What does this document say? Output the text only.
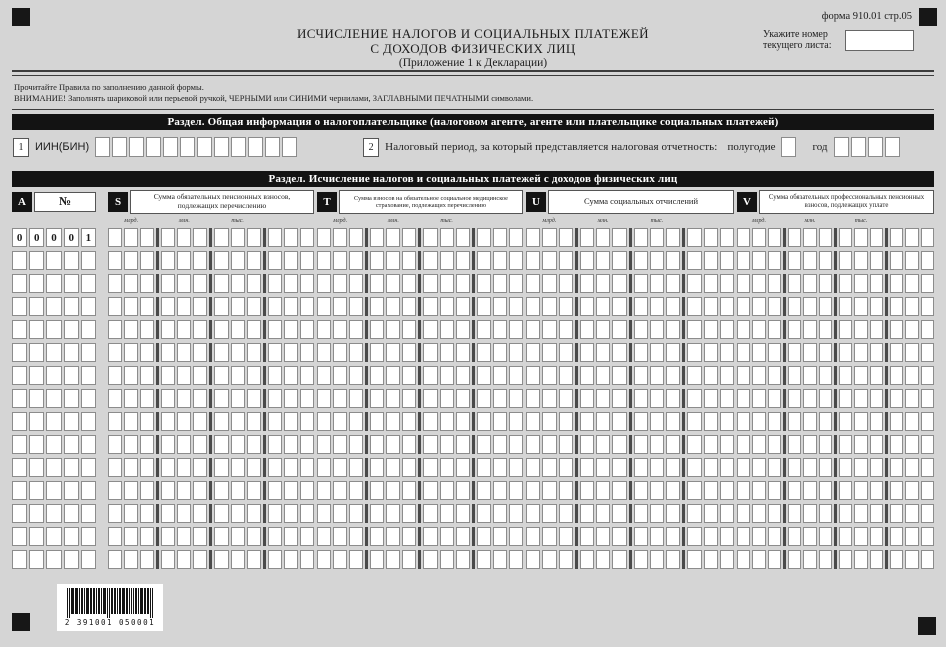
форма 910.01 стр.05
ИСЧИСЛЕНИЕ НАЛОГОВ И СОЦИАЛЬНЫХ ПЛАТЕЖЕЙ
С ДОХОДОВ ФИЗИЧЕСКИХ ЛИЦ
(Приложение 1 к Декларации)
Укажите номер
текущего листа:
Прочитайте Правила по заполнению данной формы.
ВНИМАНИЕ! Заполнять шариковой или перьевой ручкой, ЧЕРНЫМИ или СИНИМИ чернилами, ЗАГЛАВНЫМИ ПЕЧАТНЫМИ символами.
Раздел. Общая информация о налогоплательщике (налоговом агенте, агенте или плательщике социальных платежей)
1	ИИН(БИН)	2	Налоговый период, за который представляется налоговая отчетность: полугодие	год
Раздел. Исчисление налогов и социальных платежей с доходов физических лиц
A	№	S	Сумма обязательных пенсионных взносов, подлежащих перечислению	T	Сумма взносов на обязательное социальное медицинское страхование, подлежащих перечислению	U	Сумма социальных отчислений	V	Сумма обязательных профессиональных пенсионных взносов, подлежащих уплате
млрд.	млн.	тыс.	млрд.	млн.	тыс.	млрд.	млн.	тыс.	млрд.	млн.	тыс.
0	0	0	0	1
2 391001 050001
